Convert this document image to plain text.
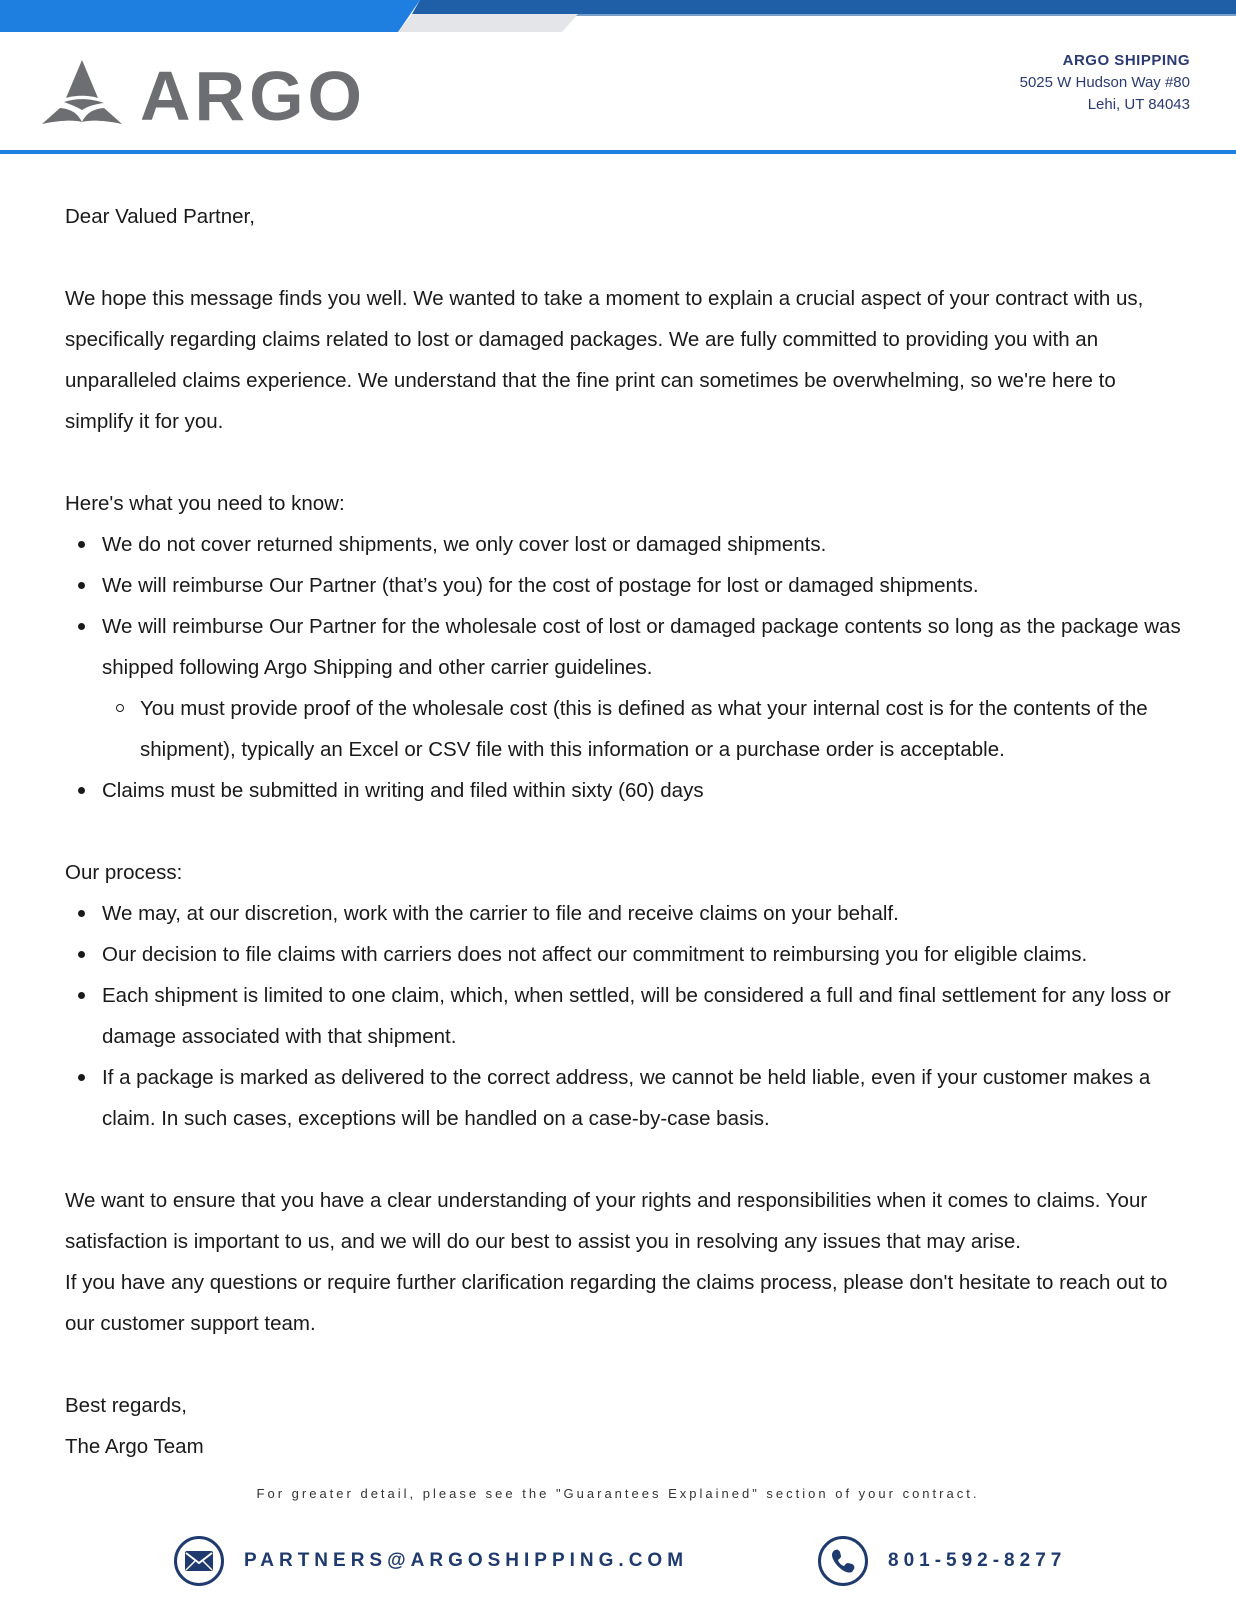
ARGO	ARGO SHIPPING
5025 W Hudson Way #80
Lehi, UT 84043

Dear Valued Partner,

We hope this message finds you well. We wanted to take a moment to explain a crucial aspect of your contract with us, specifically regarding claims related to lost or damaged packages. We are fully committed to providing you with an unparalleled claims experience. We understand that the fine print can sometimes be overwhelming, so we're here to simplify it for you.

Here's what you need to know:

We do not cover returned shipments, we only cover lost or damaged shipments.
We will reimburse Our Partner (that’s you) for the cost of postage for lost or damaged shipments.
We will reimburse Our Partner for the wholesale cost of lost or damaged package contents so long as the package was shipped following Argo Shipping and other carrier guidelines.
You must provide proof of the wholesale cost (this is defined as what your internal cost is for the contents of the shipment), typically an Excel or CSV file with this information or a purchase order is acceptable.
Claims must be submitted in writing and filed within sixty (60) days

Our process:

We may, at our discretion, work with the carrier to file and receive claims on your behalf.
Our decision to file claims with carriers does not affect our commitment to reimbursing you for eligible claims.
Each shipment is limited to one claim, which, when settled, will be considered a full and final settlement for any loss or damage associated with that shipment.
If a package is marked as delivered to the correct address, we cannot be held liable, even if your customer makes a claim. In such cases, exceptions will be handled on a case-by-case basis.

We want to ensure that you have a clear understanding of your rights and responsibilities when it comes to claims. Your satisfaction is important to us, and we will do our best to assist you in resolving any issues that may arise.

If you have any questions or require further clarification regarding the claims process, please don't hesitate to reach out to our customer support team.

Best regards,

The Argo Team

For greater detail, please see the "Guarantees Explained" section of your contract.
PARTNERS@ARGOSHIPPING.COM	801-592-8277
